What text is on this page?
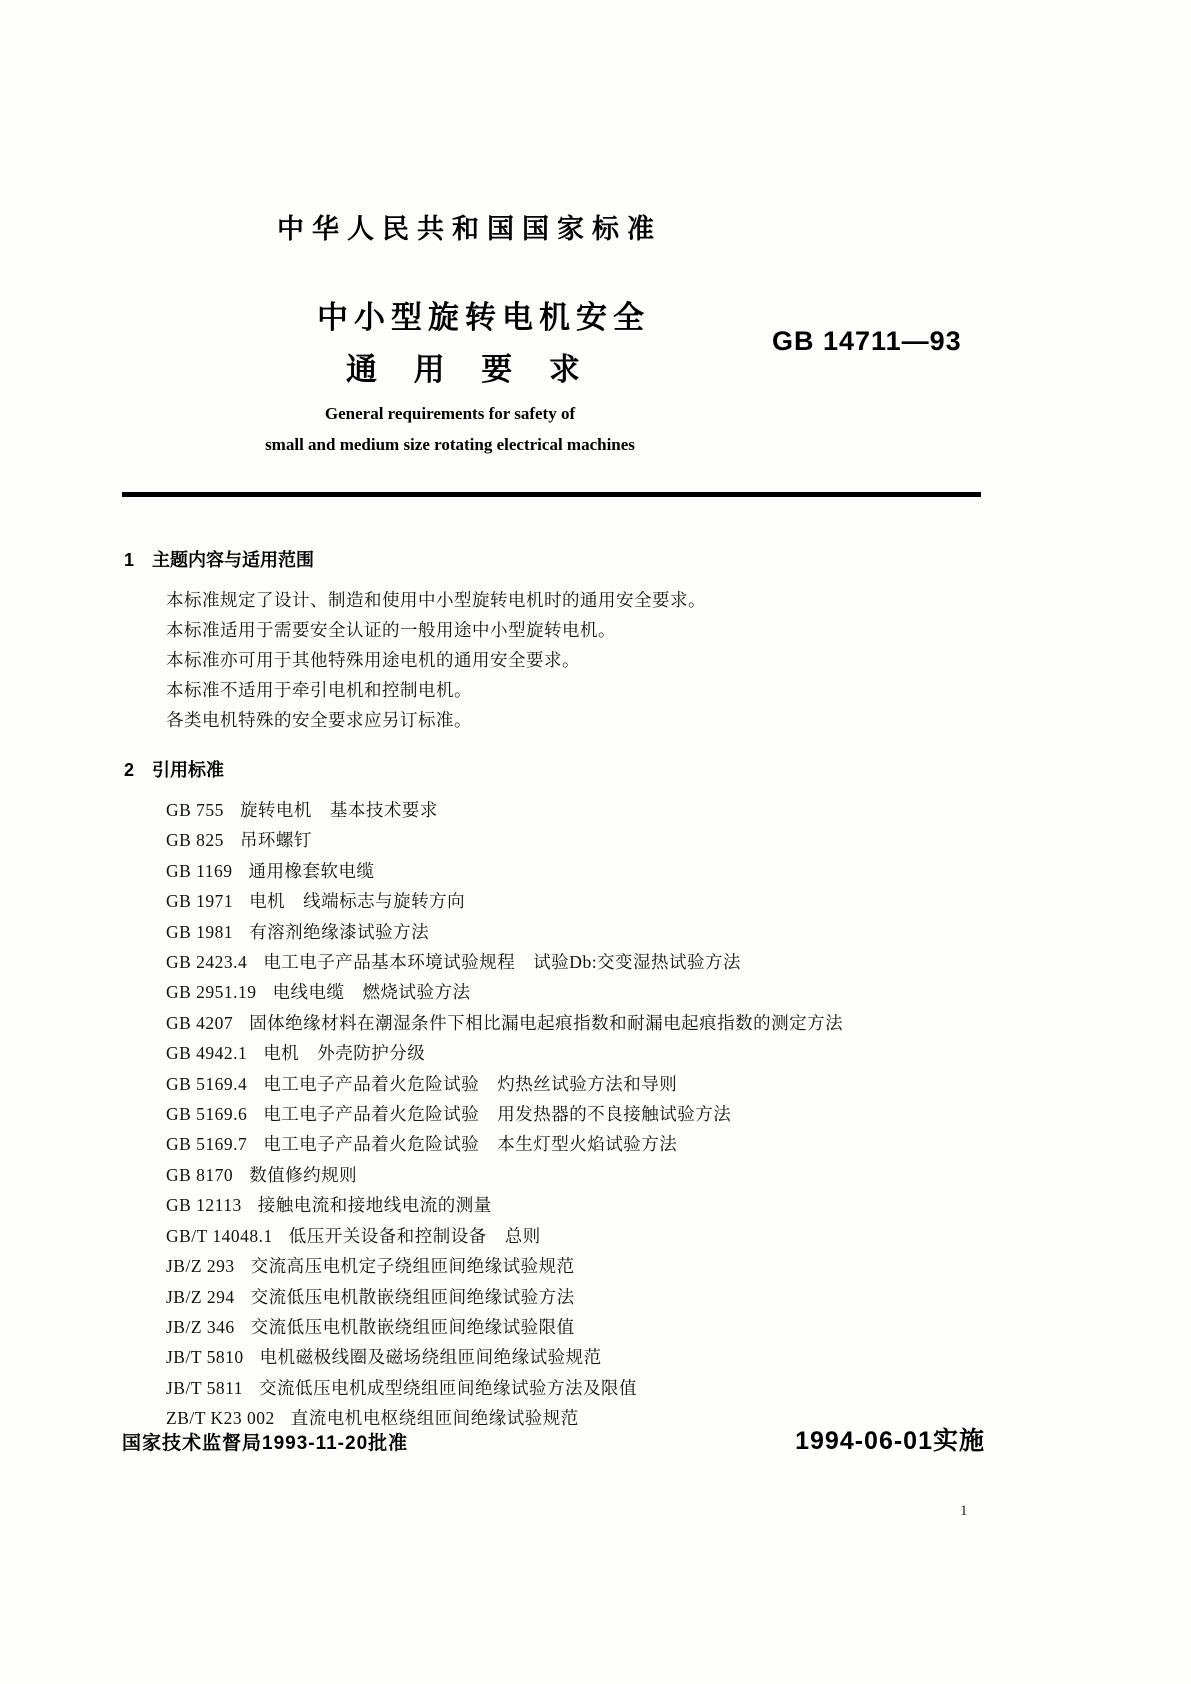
中华人民共和国国家标准
中小型旋转电机安全
通 用 要 求
GB 14711—93
General requirements for safety of
small and medium size rotating electrical machines
1 主题内容与适用范围
本标准规定了设计、制造和使用中小型旋转电机时的通用安全要求。
本标准适用于需要安全认证的一般用途中小型旋转电机。
本标准亦可用于其他特殊用途电机的通用安全要求。
本标准不适用于牵引电机和控制电机。
各类电机特殊的安全要求应另订标准。
2 引用标准
GB 755 旋转电机　基本技术要求
GB 825 吊环螺钉
GB 1169 通用橡套软电缆
GB 1971 电机　线端标志与旋转方向
GB 1981 有溶剂绝缘漆试验方法
GB 2423.4 电工电子产品基本环境试验规程　试验Db:交变湿热试验方法
GB 2951.19 电线电缆　燃烧试验方法
GB 4207 固体绝缘材料在潮湿条件下相比漏电起痕指数和耐漏电起痕指数的测定方法
GB 4942.1 电机　外壳防护分级
GB 5169.4 电工电子产品着火危险试验　灼热丝试验方法和导则
GB 5169.6 电工电子产品着火危险试验　用发热器的不良接触试验方法
GB 5169.7 电工电子产品着火危险试验　本生灯型火焰试验方法
GB 8170 数值修约规则
GB 12113 接触电流和接地线电流的测量
GB/T 14048.1 低压开关设备和控制设备　总则
JB/Z 293 交流高压电机定子绕组匝间绝缘试验规范
JB/Z 294 交流低压电机散嵌绕组匝间绝缘试验方法
JB/Z 346 交流低压电机散嵌绕组匝间绝缘试验限值
JB/T 5810 电机磁极线圈及磁场绕组匝间绝缘试验规范
JB/T 5811 交流低压电机成型绕组匝间绝缘试验方法及限值
ZB/T K23 002 直流电机电枢绕组匝间绝缘试验规范
国家技术监督局1993-11-20批准	1994-06-01实施
1
